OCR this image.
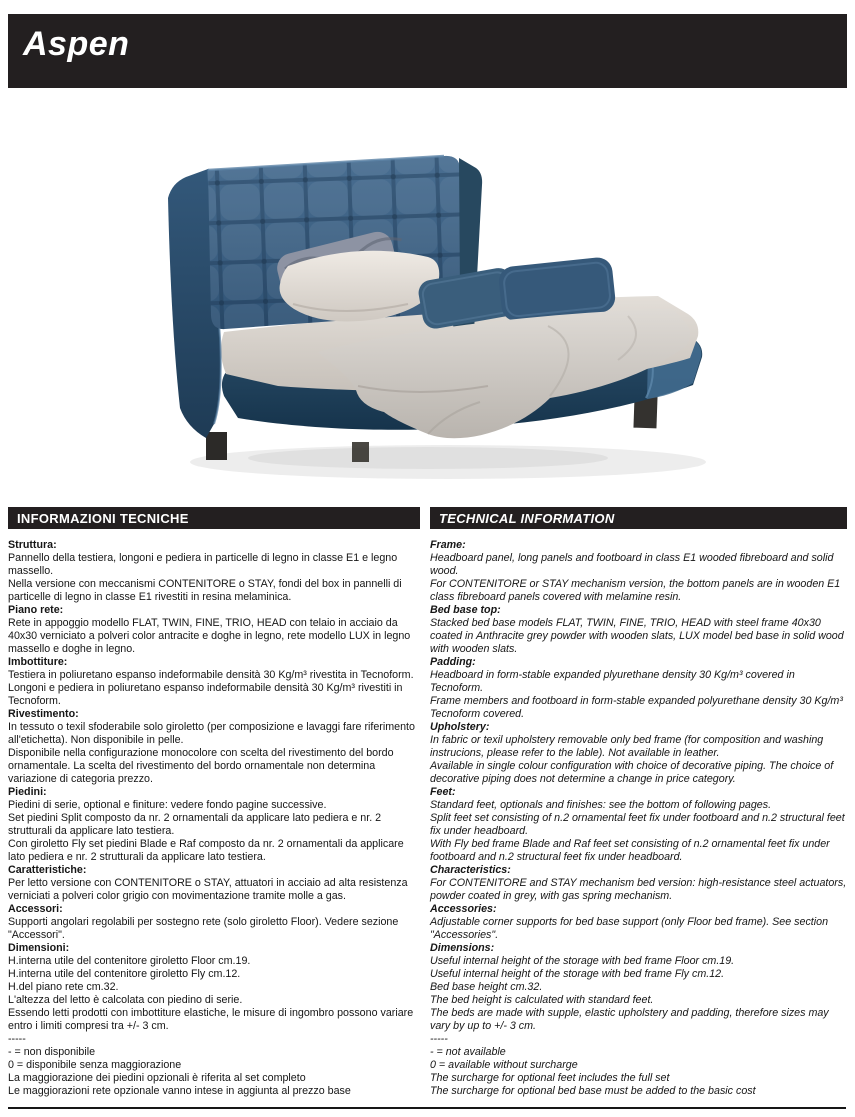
Aspen
INFORMAZIONI TECNICHE	TECHNICAL INFORMATION
Struttura:
Pannello della testiera, longoni e pediera in particelle di legno in classe E1 e legno massello.
Nella versione con meccanismi CONTENITORE o STAY, fondi del box in pannelli di particelle di legno in classe E1 rivestiti in resina melaminica.
Piano rete:
Rete in appoggio modello FLAT, TWIN, FINE, TRIO, HEAD con telaio in acciaio da 40x30 verniciato a polveri color antracite e doghe in legno, rete modello LUX in legno massello e doghe in legno.
Imbottiture:
Testiera in poliuretano espanso indeformabile densità 30 Kg/m³ rivestita in Tecnoform.
Longoni e pediera in poliuretano espanso indeformabile densità 30 Kg/m³ rivestiti in Tecnoform.
Rivestimento:
In tessuto o texil sfoderabile solo giroletto (per composizione e lavaggi fare riferimento all'etichetta). Non disponibile in pelle.
Disponibile nella configurazione monocolore con scelta del rivestimento del bordo ornamentale. La scelta del rivestimento del bordo ornamentale non determina variazione di categoria prezzo.
Piedini:
Piedini di serie, optional e finiture: vedere fondo pagine successive.
Set piedini Split composto da nr. 2 ornamentali da applicare lato pediera e nr. 2 strutturali da applicare lato testiera.
Con giroletto Fly set piedini Blade e Raf composto da nr. 2 ornamentali da applicare lato pediera e nr. 2 strutturali da applicare lato testiera.
Caratteristiche:
Per letto versione con CONTENITORE o STAY, attuatori in acciaio ad alta resistenza verniciati a polveri color grigio con movimentazione tramite molle a gas.
Accessori:
Supporti angolari regolabili per sostegno rete (solo giroletto Floor). Vedere sezione "Accessori".
Dimensioni:
H.interna utile del contenitore giroletto Floor cm.19.
H.interna utile del contenitore giroletto Fly cm.12.
H.del piano rete cm.32.
L'altezza del letto è calcolata con piedino di serie.
Essendo letti prodotti con imbottiture elastiche, le misure di ingombro possono variare entro i limiti compresi tra +/- 3 cm.
-----
- = non disponibile
0 = disponibile senza maggiorazione
La maggiorazione dei piedini opzionali è riferita al set completo
Le maggiorazioni rete opzionale vanno intese in aggiunta al prezzo base
Frame:
Headboard panel, long panels and footboard in class E1 wooded fibreboard and solid wood.
For CONTENITORE or STAY mechanism version, the bottom panels are in wooden E1 class fibreboard panels covered with melamine resin.
Bed base top:
Stacked bed base models FLAT, TWIN, FINE, TRIO, HEAD with steel frame 40x30 coated in Anthracite grey powder with wooden slats, LUX model bed base in solid wood with wooden slats.
Padding:
Headboard in form-stable expanded plyurethane density 30 Kg/m³ covered in Tecnoform.
Frame members and footboard in form-stable expanded polyurethane density 30 Kg/m³ Tecnoform covered.
Upholstery:
In fabric or texil upholstery removable only bed frame (for composition and washing instrucions, please refer to the lable). Not available in leather.
Available in single colour configuration with choice of decorative piping. The choice of decorative piping does not determine a change in price category.
Feet:
Standard feet, optionals and finishes: see the bottom of following pages.
Split feet set consisting of n.2 ornamental feet fix under footboard and n.2 structural feet fix under headboard.
With Fly bed frame Blade and Raf feet set consisting of n.2 ornamental feet fix under footboard and n.2 structural feet fix under headboard.
Characteristics:
For CONTENITORE and STAY mechanism bed version: high-resistance steel actuators, powder coated in grey, with gas spring mechanism.
Accessories:
Adjustable corner supports for bed base support (only Floor bed frame). See section "Accessories".
Dimensions:
Useful internal height of the storage with bed frame Floor cm.19.
Useful internal height of the storage with bed frame Fly cm.12.
Bed base height cm.32.
The bed height is calculated with standard feet.
The beds are made with supple, elastic upholstery and padding, therefore sizes may vary by up to +/- 3 cm.
-----
- = not available
0 = available without surcharge
The surcharge for optional feet includes the full set
The surcharge for optional bed base must be added to the basic cost
